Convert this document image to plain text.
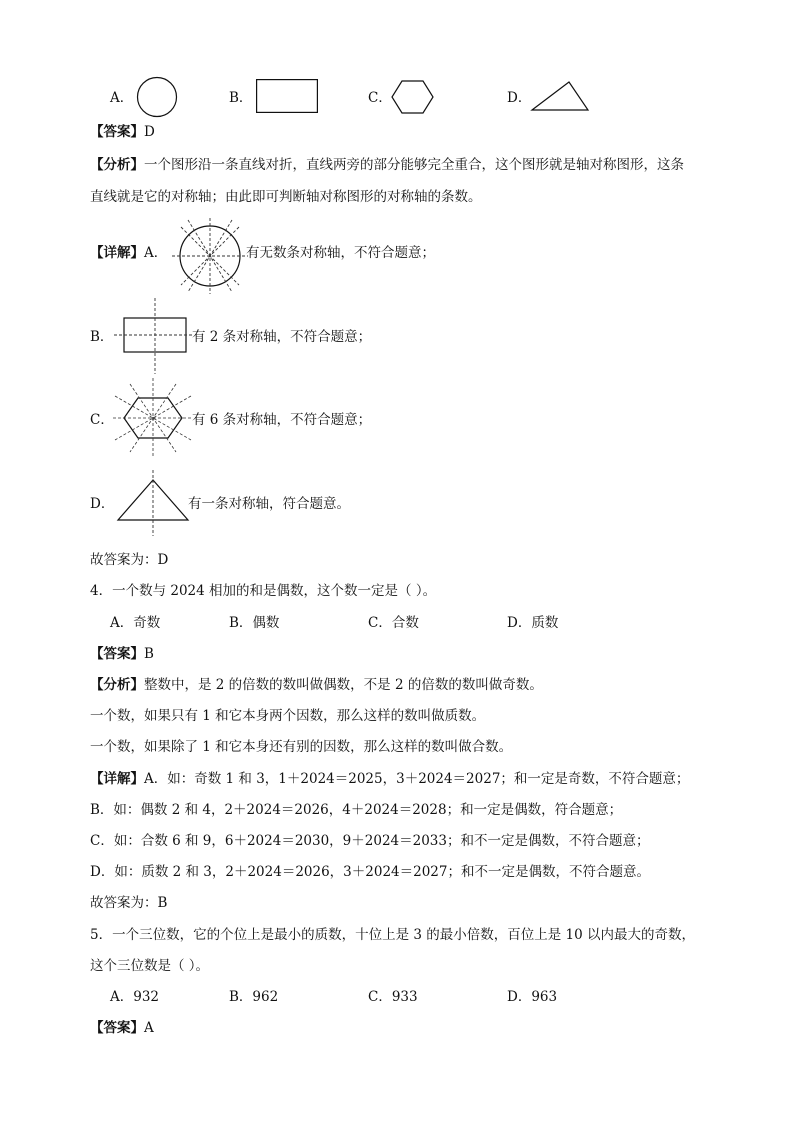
A．	B．	C．	D．
【答案】D
【分析】一个图形沿一条直线对折，直线两旁的部分能够完全重合，这个图形就是轴对称图形，这条
直线就是它的对称轴；由此即可判断轴对称图形的对称轴的条数。
【详解】A．	有无数条对称轴，不符合题意；
B．	有 2 条对称轴，不符合题意；
C．	有 6 条对称轴，不符合题意；
D．	有一条对称轴，符合题意。
故答案为：D
4．一个数与 2024 相加的和是偶数，这个数一定是（ ）。
A．奇数	B．偶数	C．合数	D．质数
【答案】B
【分析】整数中，是 2 的倍数的数叫做偶数，不是 2 的倍数的数叫做奇数。
一个数，如果只有 1 和它本身两个因数，那么这样的数叫做质数。
一个数，如果除了 1 和它本身还有别的因数，那么这样的数叫做合数。
【详解】A．如：奇数 1 和 3，1＋2024＝2025，3＋2024＝2027；和一定是奇数，不符合题意；
B．如：偶数 2 和 4，2＋2024＝2026，4＋2024＝2028；和一定是偶数，符合题意；
C．如：合数 6 和 9，6＋2024＝2030，9＋2024＝2033；和不一定是偶数，不符合题意；
D．如：质数 2 和 3，2＋2024＝2026，3＋2024＝2027；和不一定是偶数，不符合题意。
故答案为：B
5．一个三位数，它的个位上是最小的质数，十位上是 3 的最小倍数，百位上是 10 以内最大的奇数，
这个三位数是（ ）。
A．932	B．962	C．933	D．963
【答案】A
